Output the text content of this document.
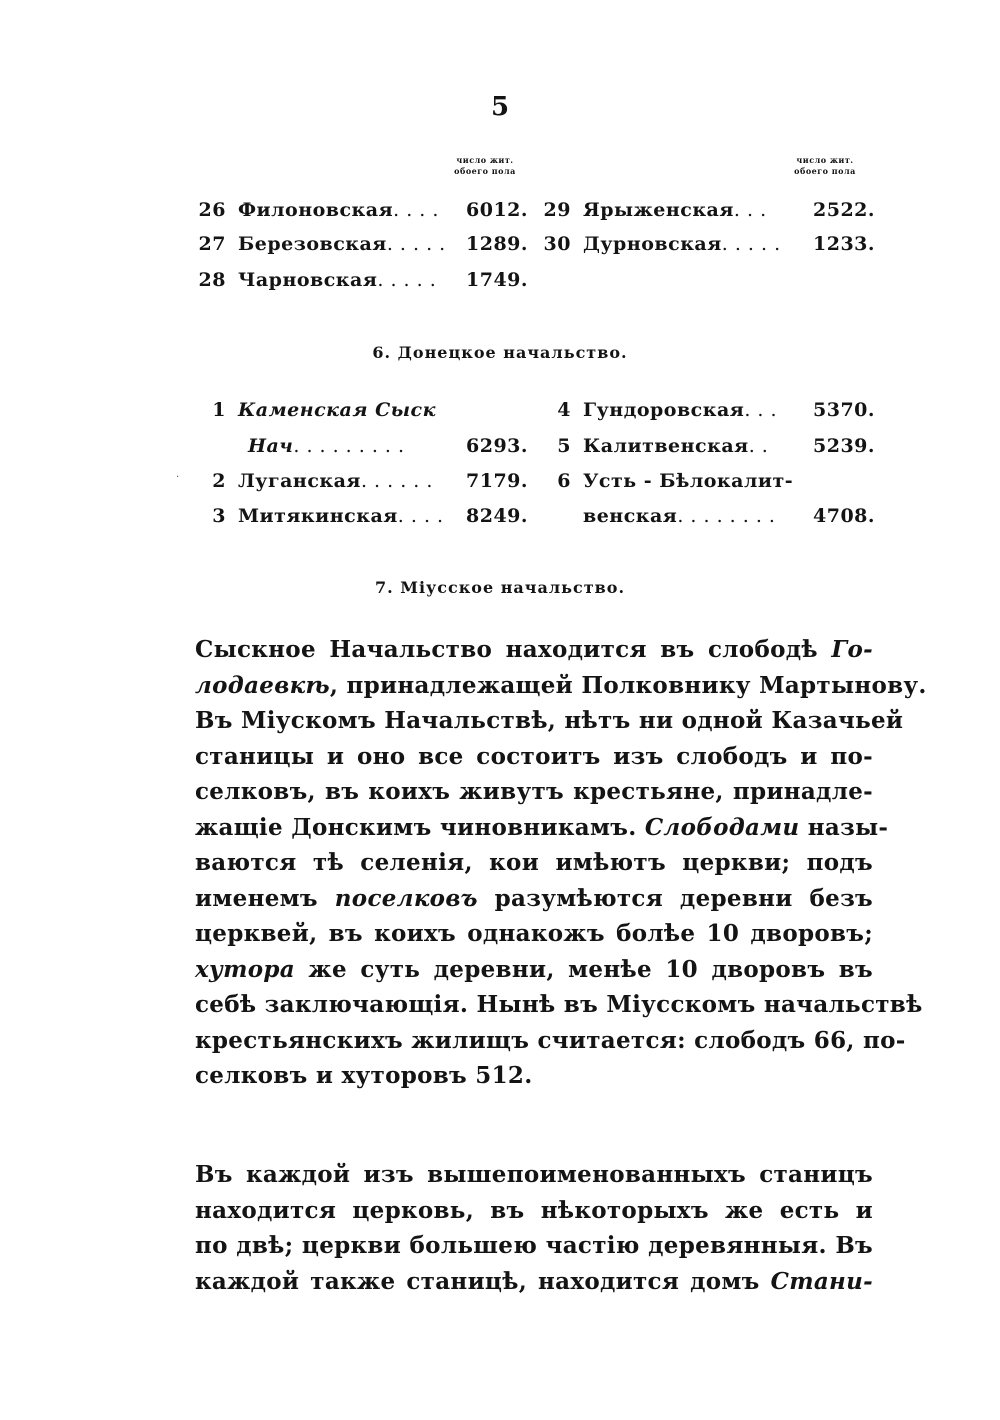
5
число жит. обоего пола
число жит. обоего пола
26 Филоновская. . . . 6012.
27 Березовская. . . . . 1289.
28 Чарновская. . . . . 1749.
29 Ярыженская. . . 2522.
30 Дурновская. . . . . 1233.
6. Донецкое начальство.
1 Каменская Сыск
Нач. . . . . . . . .	6293.
2 Луганская. . . . . . 7179.
3 Митякинская. . . . 8249.
4 Гундоровская. . . 5370.
5 Калитвенская. . 5239.
6 Усть - Бѣлокалит-
венская. . . . . . . . 4708.
7. Міусское начальство.
Сыскное Начальство находится въ слободѣ Го-
лодаевкѣ, принадлежащей Полковнику Мартынову.
Въ Міускомъ Начальствѣ, нѣтъ ни одной Казачьей
станицы и оно все состоитъ изъ слободъ и по-
селковъ, въ коихъ живутъ крестьяне, принадле-
жащіе Донскимъ чиновникамъ. Слободами назы-
ваются тѣ селенія, кои имѣютъ церкви; подъ
именемъ поселковъ разумѣются деревни безъ
церквей, въ коихъ однакожъ болѣе 10 дворовъ;
хутора же суть деревни, менѣе 10 дворовъ въ
себѣ заключающія. Нынѣ въ Міусскомъ начальствѣ
крестьянскихъ жилищъ считается: слободъ 66, по-
селковъ и хуторовъ 512.
Въ каждой изъ вышепоименованныхъ станицъ
находится церковь, въ нѣкоторыхъ же есть и
по двѣ; церкви большею частію деревянныя. Въ
каждой также станицѣ, находится домъ Стани-
·
